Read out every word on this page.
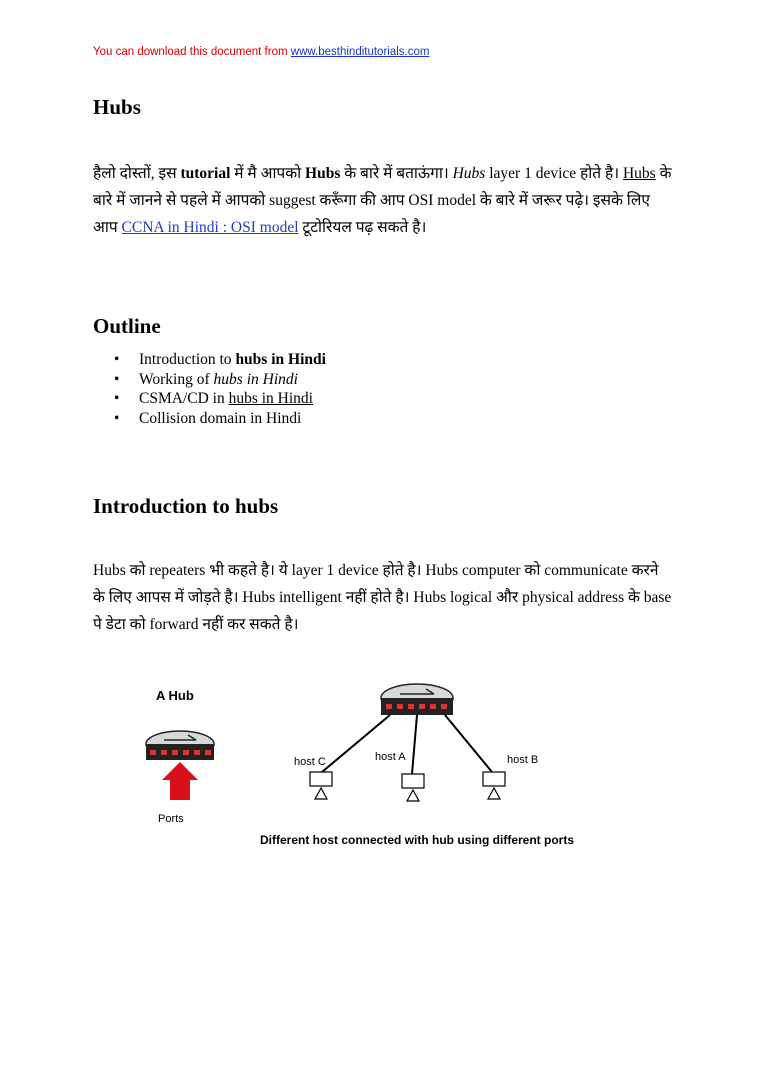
You can download this document from www.besthinditutorials.com
Hubs
हैलो दोस्तों, इस tutorial में मै आपको Hubs के बारे में बताऊंगा। Hubs layer 1 device होते है। Hubs के बारे में जानने से पहले में आपको suggest करूँगा की आप OSI model के बारे में जरूर पढ़े। इसके लिए आप CCNA in Hindi : OSI model टूटोरियल पढ़ सकते है।
Outline
• Introduction to hubs in Hindi
• Working of hubs in Hindi
• CSMA/CD in hubs in Hindi
• Collision domain in Hindi
Introduction to hubs
Hubs को repeaters भी कहते है। ये layer 1 device होते है। Hubs computer को communicate करने के लिए आपस में जोड़ते है। Hubs intelligent नहीं होते है। Hubs logical और physical address के base पे डेटा को forward नहीं कर सकते है।
A Hub
Ports
host C	host A	host B
Different host connected with hub using different ports
